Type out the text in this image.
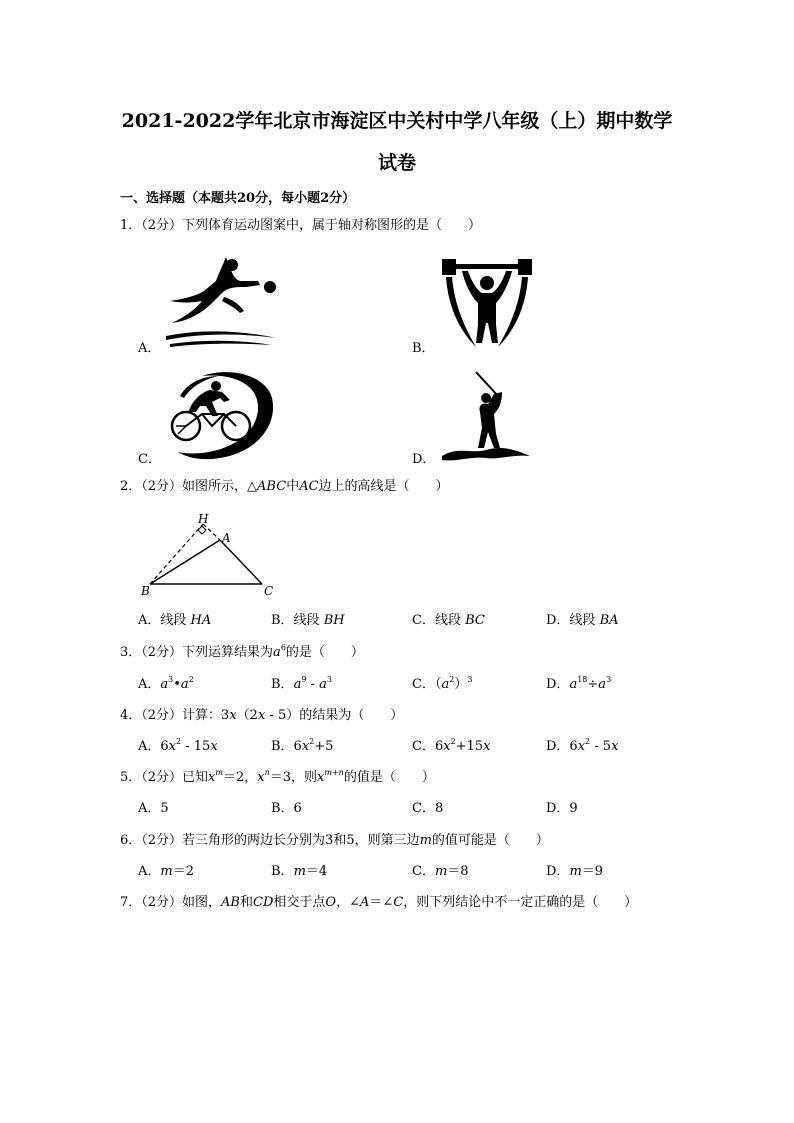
2021-2022学年北京市海淀区中关村中学八年级（上）期中数学
试卷
一、选择题（本题共20分，每小题2分）
1．（2分）下列体育运动图案中，属于轴对称图形的是（　　）
A．	B．
C．	D．
2．（2分）如图所示，△ABC中AC边上的高线是（　　）
H
A
B	C
A．线段 HA	B．线段 BH	C．线段 BC	D．线段 BA
3．（2分）下列运算结果为$a^6$的是（　　）
A．$a^3•a^2$	B．$a^9 - a^3$	C．$(a^2)^3$	D．$a^{18}\div a^3$
4．（2分）计算：3x（2x - 5）的结果为（　　）
A．$6x^2 - 15x$	B．$6x^2+5$	C．$6x^2+15x$	D．$6x^2 - 5x$
5．（2分）已知$x^m=2$，$x^n=3$，则$x^{m+n}$的值是（　　）
A．5	B．6	C．8	D．9
6．（2分）若三角形的两边长分别为3和5，则第三边m的值可能是（　　）
A．m＝2	B．m＝4	C．m＝8	D．m＝9
7．（2分）如图，AB和CD相交于点O，∠A＝∠C，则下列结论中不一定正确的是（　　）
